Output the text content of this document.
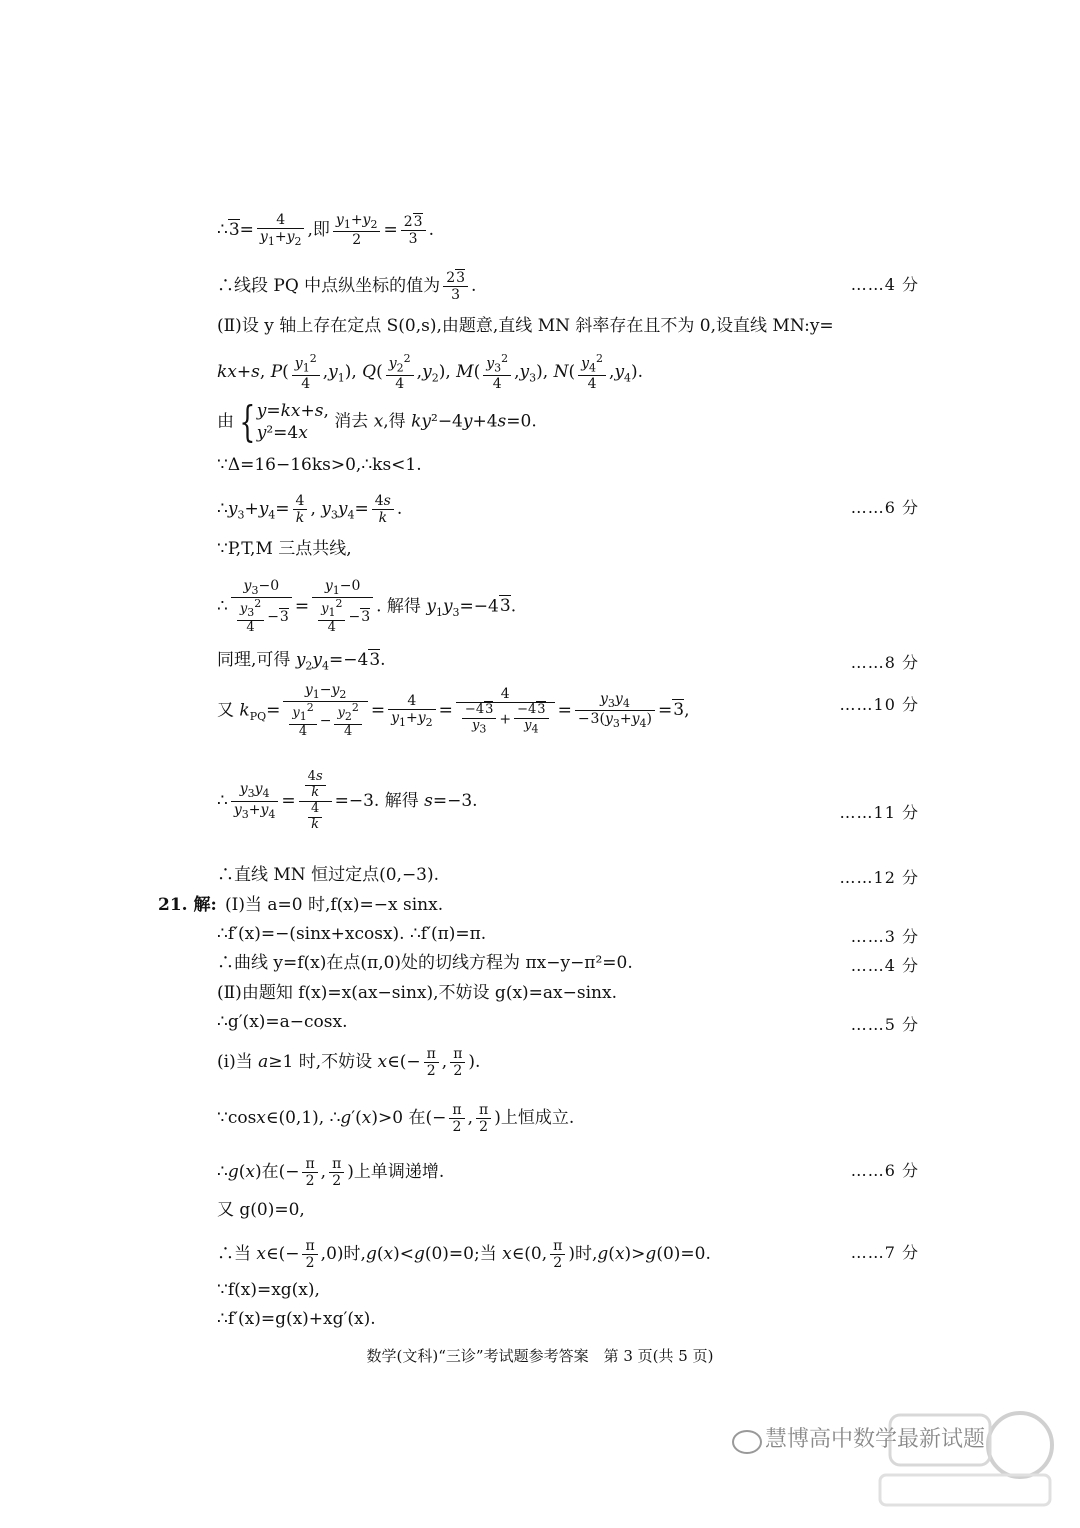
∴3= $\frac{4}{y_1+y_2}$ ,即 $\frac{y_1+y_2}{2} = \frac{23}{3}$ .
∴线段 PQ 中点纵坐标的值为 $\frac{23}{3}$ .	……4 分
(Ⅱ)设 y 轴上存在定点 S(0,s),由题意,直线 MN 斜率存在且不为 0,设直线 MN:y=
kx+s, $P( \frac{y_1^2}{4} ,y_1)$, $Q( \frac{y_2^2}{4} ,y_2)$, $M( \frac{y_3^2}{4} ,y_3)$, $N( \frac{y_4^2}{4} ,y_4)$.
由 {y=kx+s,
y²=4x 消去 x,得 ky²−4y+4s=0.
∵Δ=16−16ks>0,∴ks<1.
$\therefore y_3+y_4= \frac{4}{k}$ , $y_3y_4= \frac{4s}{k}$ .	……6 分
∵P,T,M 三点共线,
∴ $\frac{y_3-0}{\frac{y_3^2}{4} -3} = \frac{y_1-0}{\frac{y_1^2}{4} -3}$ . 解得 $y_1y_3=-43$.
同理,可得 $y_2y_4=-43$.	……8 分
又 $k_{PQ}= \frac{y_1-y_2}{\frac{y_1^2}{4} - \frac{y_2^2}{4}} = \frac{4}{y_1+y_2} = \frac{4}{\frac{-43}{y_3} + \frac{-43}{y_4}} = \frac{y_3y_4}{-3(y_3+y_4)} =3$,	……10 分
∴ $\frac{y_3y_4}{y_3+y_4} = \frac{\frac{4s}{k}}{\frac{4}{k}} =-3$. 解得 s=−3.
……11 分
∴直线 MN 恒过定点(0,−3).	……12 分
21. 解: (Ⅰ)当 a=0 时,f(x)=−x sinx.
∴f′(x)=−(sinx+xcosx). ∴f′(π)=π.	……3 分
∴曲线 y=f(x)在点(π,0)处的切线方程为 πx−y−π²=0.	……4 分
(Ⅱ)由题知 f(x)=x(ax−sinx),不妨设 g(x)=ax−sinx.
∴g′(x)=a−cosx.	……5 分
(i)当 a≥1 时,不妨设 x∈(− $\frac{\pi}{2}$ , $\frac{\pi}{2}$ ).
∵cosx∈(0,1), ∴g′(x)>0 在(− $\frac{\pi}{2}$ , $\frac{\pi}{2}$ )上恒成立.
∴g(x)在(− $\frac{\pi}{2}$ , $\frac{\pi}{2}$ )上单调递增.	……6 分
又 g(0)=0,
∴当 x∈(− $\frac{\pi}{2} ,0$)时,g(x)<g(0)=0;当 x∈(0, $\frac{\pi}{2}$ )时,g(x)>g(0)=0.	……7 分
∵f(x)=xg(x),
∴f′(x)=g(x)+xg′(x).
数学(文科)“三诊”考试题参考答案　第 3 页(共 5 页)
慧博高中数学最新试题
